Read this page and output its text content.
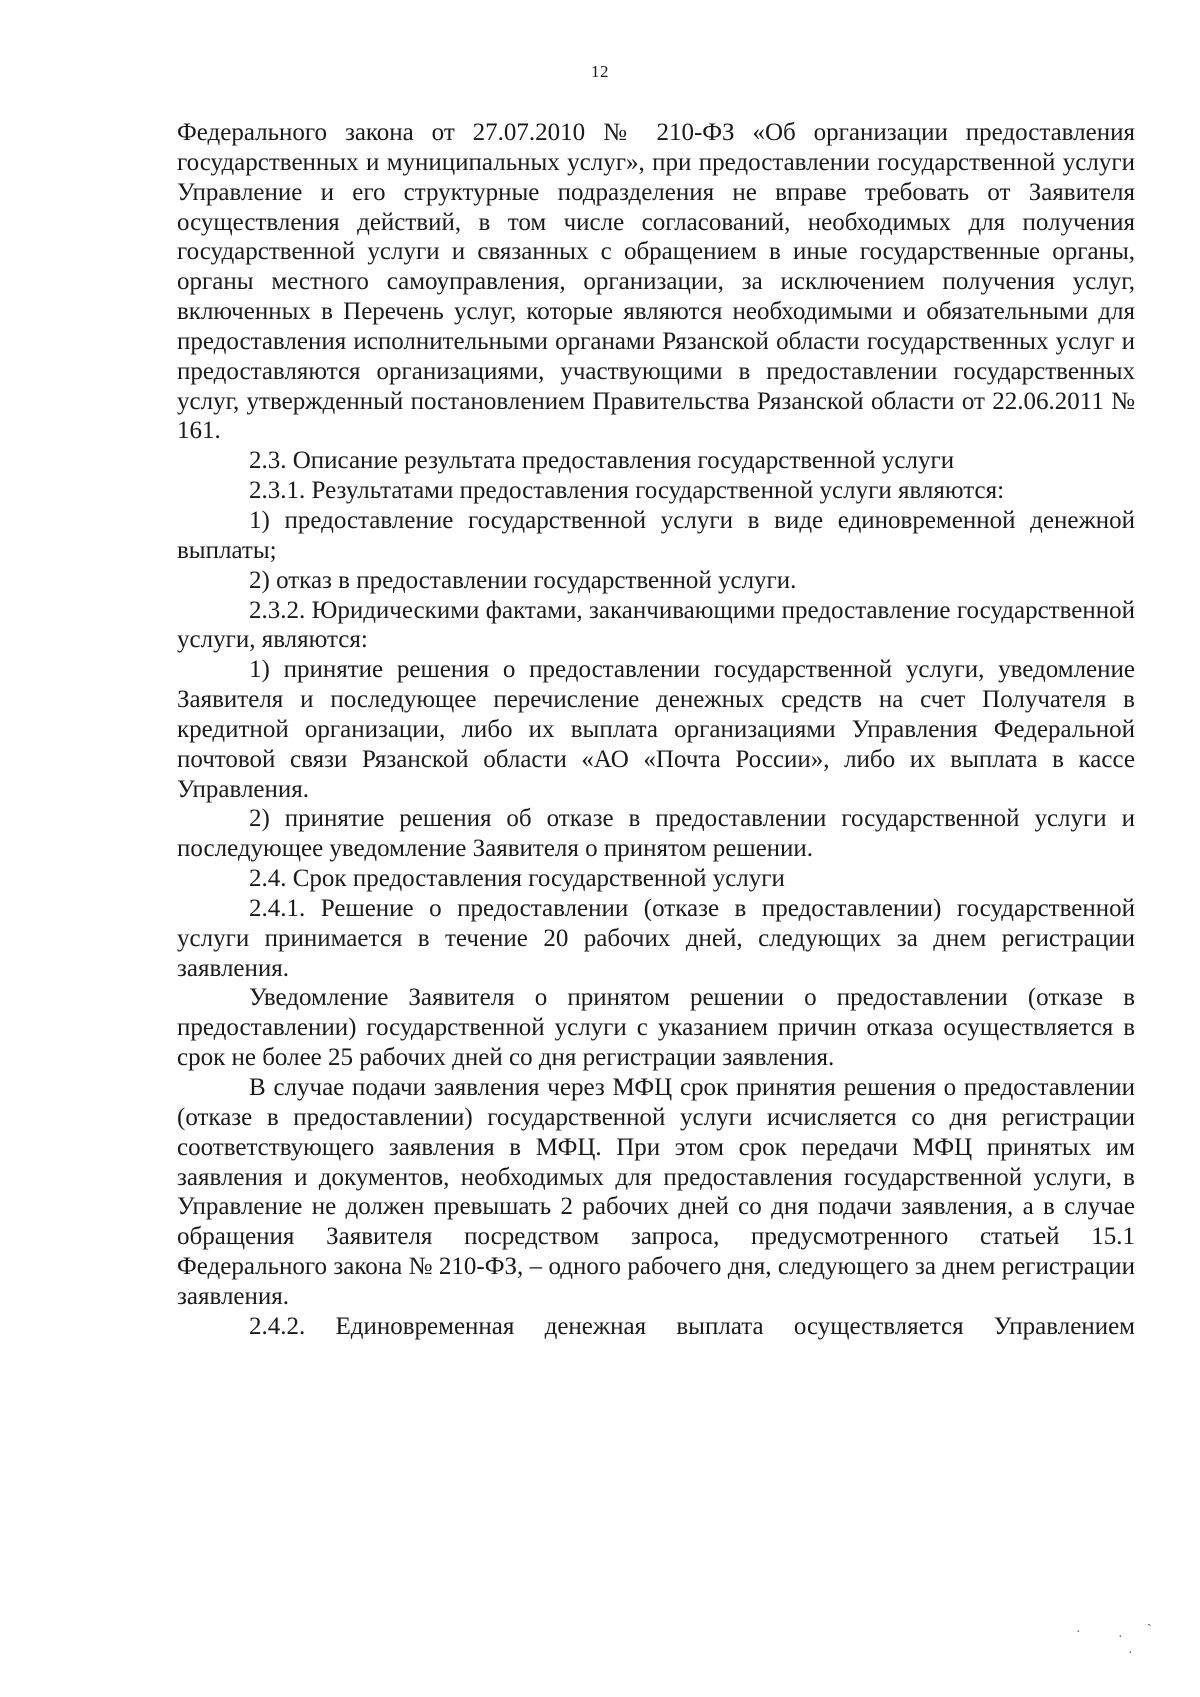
12

Федерального закона от 27.07.2010 № 210-ФЗ «Об организации предоставления государственных и муниципальных услуг», при предоставлении государственной услуги Управление и его структурные подразделения не вправе требовать от Заявителя осуществления действий, в том числе согласований, необходимых для получения государственной услуги и связанных с обращением в иные государственные органы, органы местного самоуправления, организации, за исключением получения услуг, включенных в Перечень услуг, которые являются необходимыми и обязательными для предоставления исполнительными органами Рязанской области государственных услуг и предоставляются организациями, участвующими в предоставлении государственных услуг, утвержденный постановлением Правительства Рязанской области от 22.06.2011 № 161.

2.3. Описание результата предоставления государственной услуги

2.3.1. Результатами предоставления государственной услуги являются:

1) предоставление государственной услуги в виде единовременной денежной выплаты;

2) отказ в предоставлении государственной услуги.

2.3.2. Юридическими фактами, заканчивающими предоставление государственной услуги, являются:

1) принятие решения о предоставлении государственной услуги, уведомление Заявителя и последующее перечисление денежных средств на счет Получателя в кредитной организации, либо их выплата организациями Управления Федеральной почтовой связи Рязанской области «АО «Почта России», либо их выплата в кассе Управления.

2) принятие решения об отказе в предоставлении государственной услуги и последующее уведомление Заявителя о принятом решении.

2.4. Срок предоставления государственной услуги

2.4.1. Решение о предоставлении (отказе в предоставлении) государственной услуги принимается в течение 20 рабочих дней, следующих за днем регистрации заявления.

Уведомление Заявителя о принятом решении о предоставлении (отказе в предоставлении) государственной услуги с указанием причин отказа осуществляется в срок не более 25 рабочих дней со дня регистрации заявления.

В случае подачи заявления через МФЦ срок принятия решения о предоставлении (отказе в предоставлении) государственной услуги исчисляется со дня регистрации соответствующего заявления в МФЦ. При этом срок передачи МФЦ принятых им заявления и документов, необходимых для предоставления государственной услуги, в Управление не должен превышать 2 рабочих дней со дня подачи заявления, а в случае обращения Заявителя посредством запроса, предусмотренного статьей 15.1 Федерального закона № 210-ФЗ, – одного рабочего дня, следующего за днем регистрации заявления.

2.4.2. Единовременная денежная выплата осуществляется Управлением

·	·
ˏ
·
